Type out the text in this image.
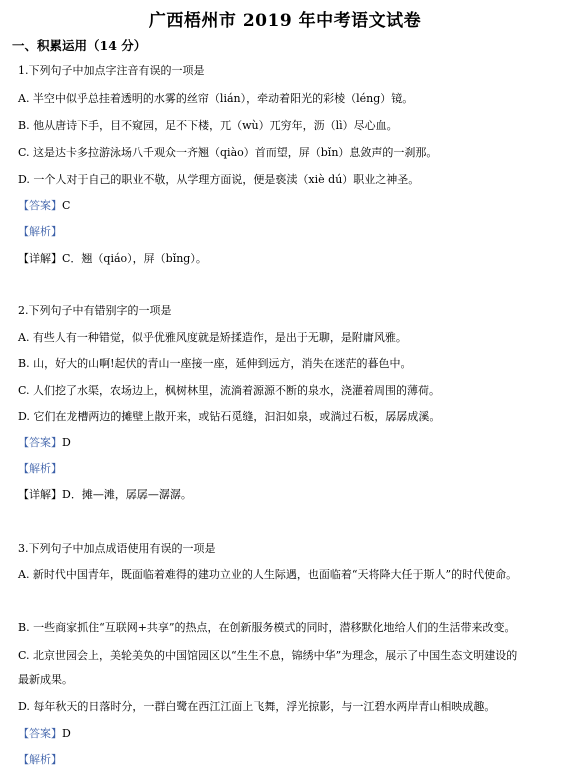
广西梧州市 2019 年中考语文试卷
一、积累运用（14 分）
1.下列句子中加点字注音有误的一项是
A. 半空中似乎总挂着透明的水雾的丝帘（lián），牵动着阳光的彩棱（léng）镜。
B. 他从唐诗下手，目不窥园，足不下楼，兀（wù）兀穷年，沥（lì）尽心血。
C. 这是达卡多拉游泳场八千观众一齐翘（qiào）首而望，屏（bǐn）息敛声的一刹那。
D. 一个人对于自己的职业不敬，从学理方面说，便是亵渎（xiè dú）职业之神圣。
【答案】C
【解析】
【详解】C．翘（qiáo），屏（bǐng）。
2.下列句子中有错别字的一项是
A. 有些人有一种错觉，似乎优雅风度就是矫揉造作，是出于无聊，是附庸风雅。
B. 山，好大的山啊!起伏的青山一座接一座，延伸到远方，消失在迷茫的暮色中。
C. 人们挖了水渠，农场边上，枫树林里，流淌着源源不断的泉水，浇灌着周围的薄荷。
D. 它们在龙槽两边的摊壁上散开来，或钻石觅缝，汩汩如泉，或淌过石板，孱孱成溪。
【答案】D
【解析】
【详解】D．摊—滩，孱孱—潺潺。
3.下列句子中加点成语使用有误的一项是
A. 新时代中国青年，既面临着难得的建功立业的人生际遇，也面临着“天将降大任于斯人”的时代使命。
B. 一些商家抓住“互联网+共享”的热点，在创新服务模式的同时，潜移默化地给人们的生活带来改变。
C. 北京世园会上，美轮美奂的中国馆园区以“生生不息，锦绣中华”为理念，展示了中国生态文明建设的
最新成果。
D. 每年秋天的日落时分，一群白鹭在西江江面上飞舞，浮光掠影，与一江碧水两岸青山相映成趣。
【答案】D
【解析】
